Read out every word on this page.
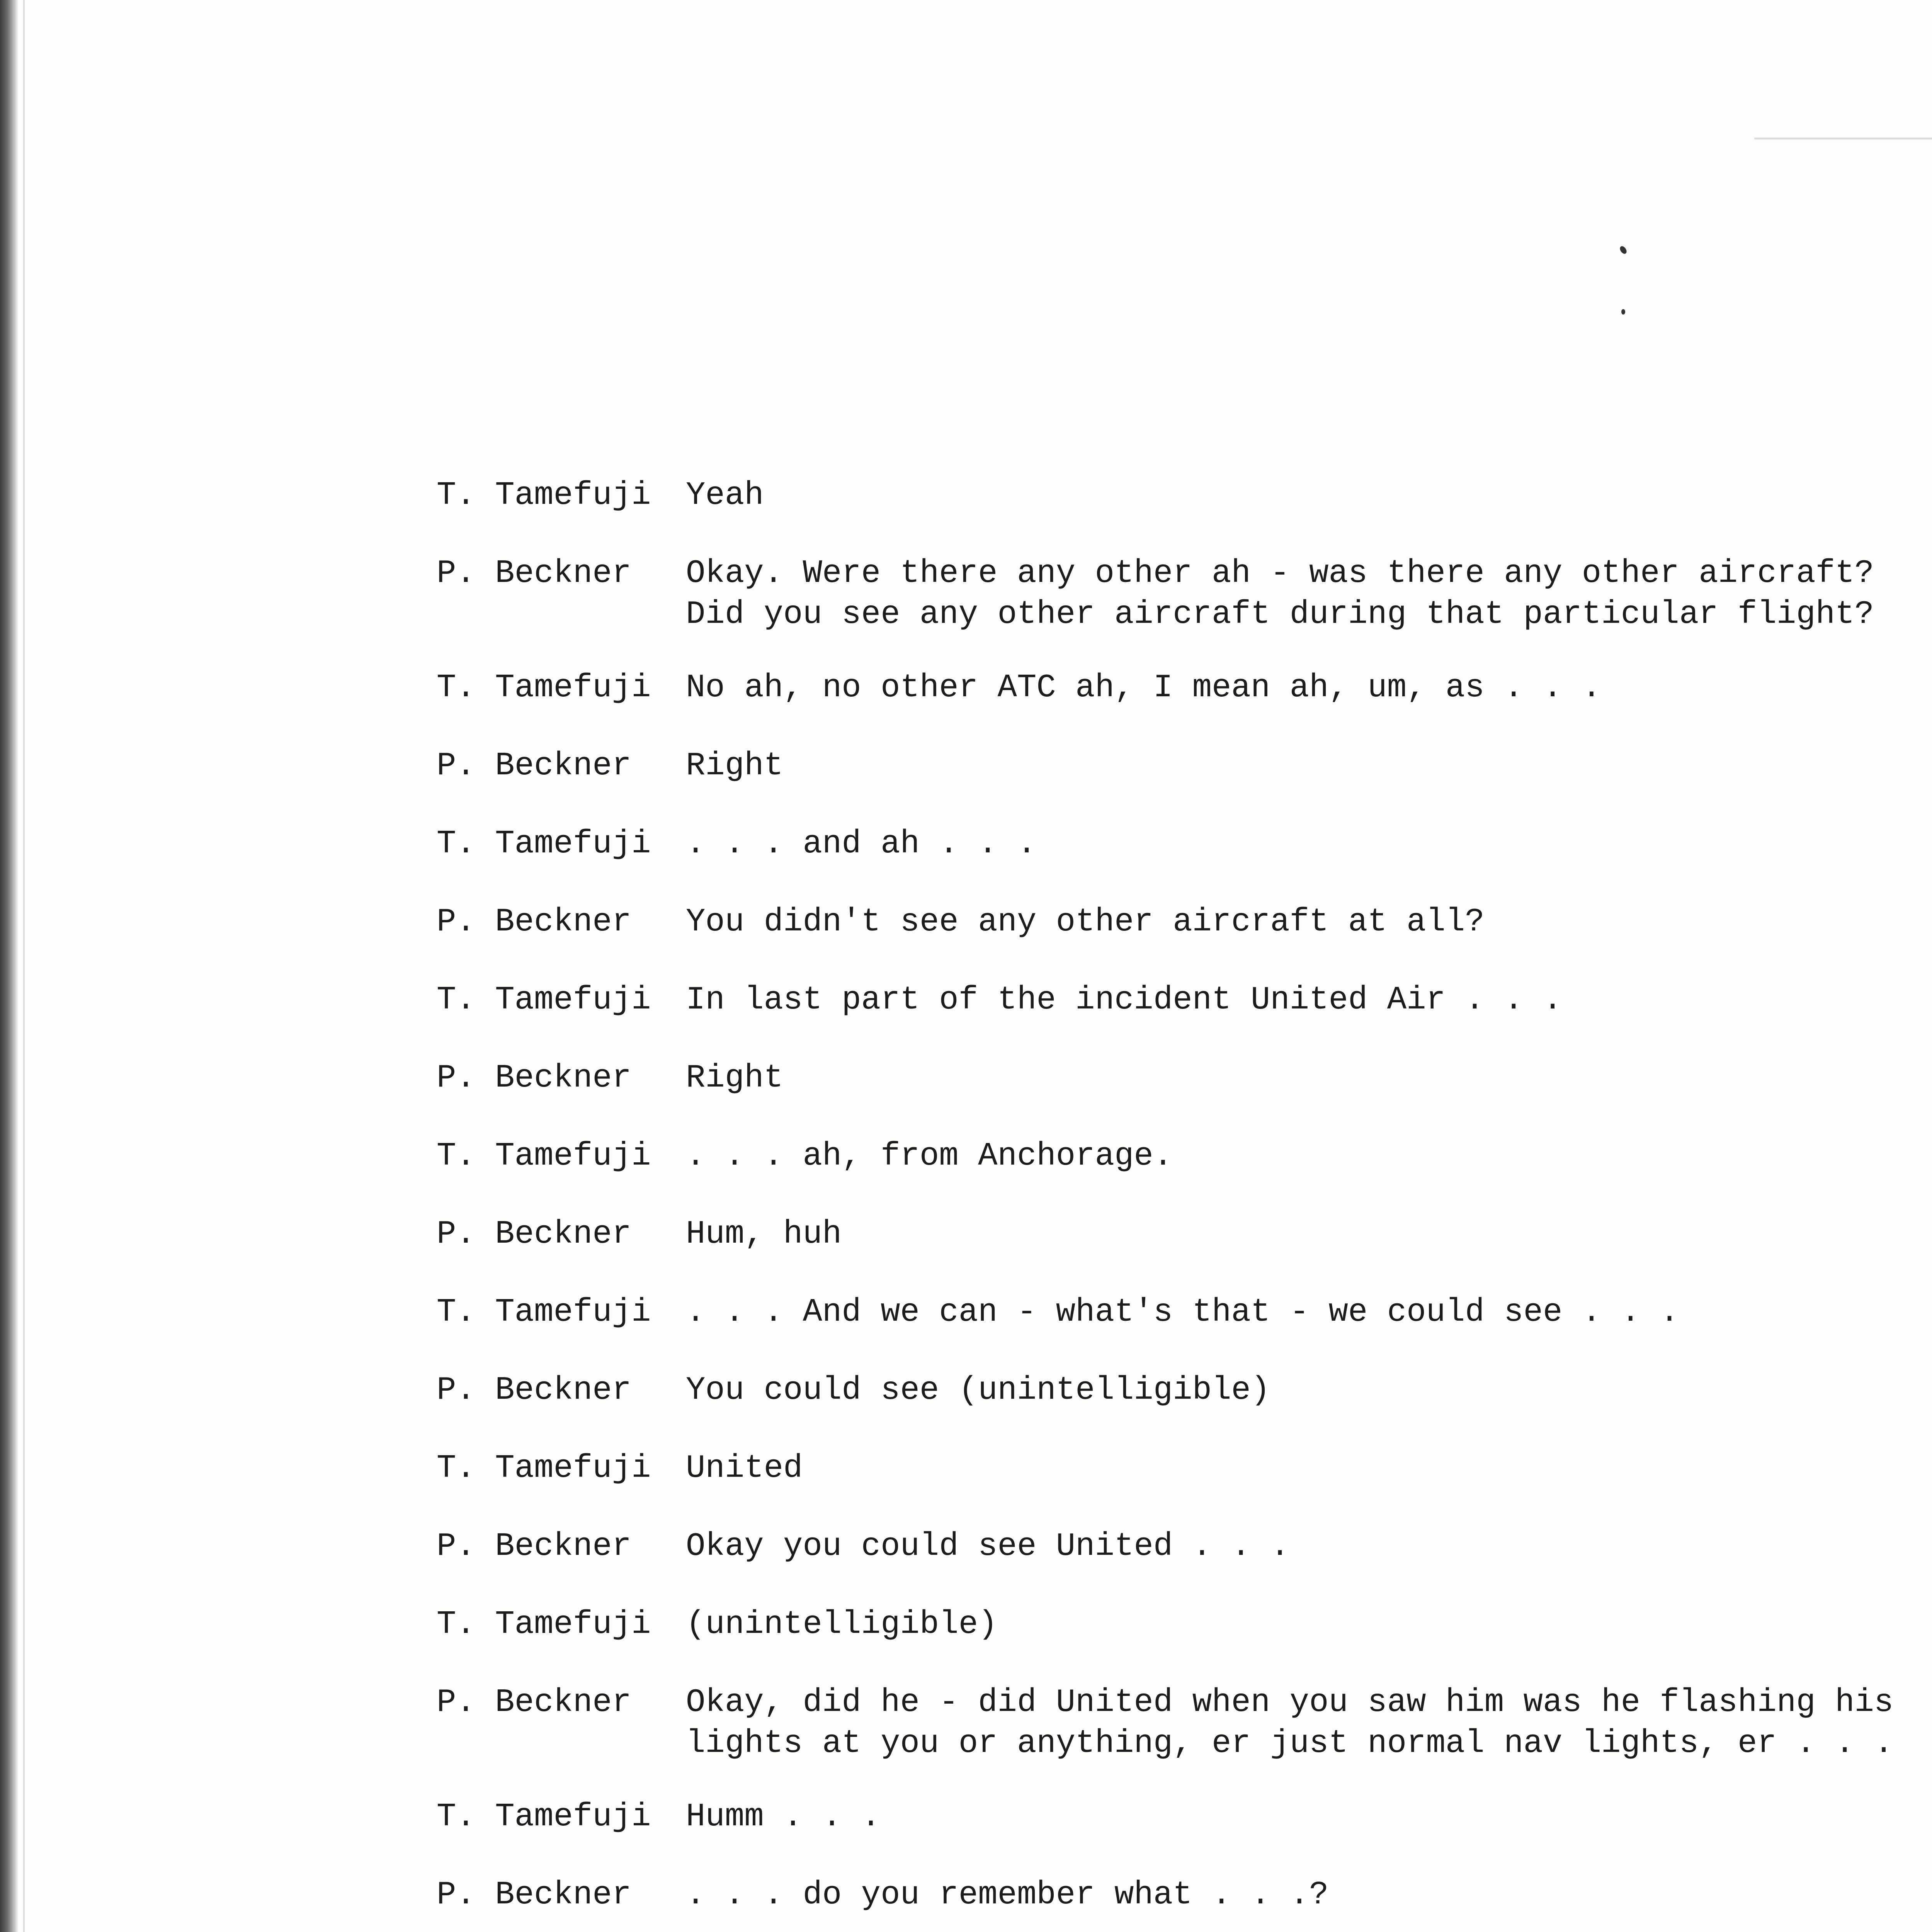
T. Tamefuji	Yeah
P. Beckner	Okay. Were there any other ah - was there any other aircraft?
Did you see any other aircraft during that particular flight?
T. Tamefuji	No ah, no other ATC ah, I mean ah, um, as . . .
P. Beckner	Right
T. Tamefuji	. . . and ah . . .
P. Beckner	You didn't see any other aircraft at all?
T. Tamefuji	In last part of the incident United Air . . .
P. Beckner	Right
T. Tamefuji	. . . ah, from Anchorage.
P. Beckner	Hum, huh
T. Tamefuji	. . . And we can - what's that - we could see . . .
P. Beckner	You could see (unintelligible)
T. Tamefuji	United
P. Beckner	Okay you could see United . . .
T. Tamefuji	(unintelligible)
P. Beckner	Okay, did he - did United when you saw him was he flashing his
lights at you or anything, er just normal nav lights, er . . .
T. Tamefuji	Humm . . .
P. Beckner	. . . do you remember what . . .?
